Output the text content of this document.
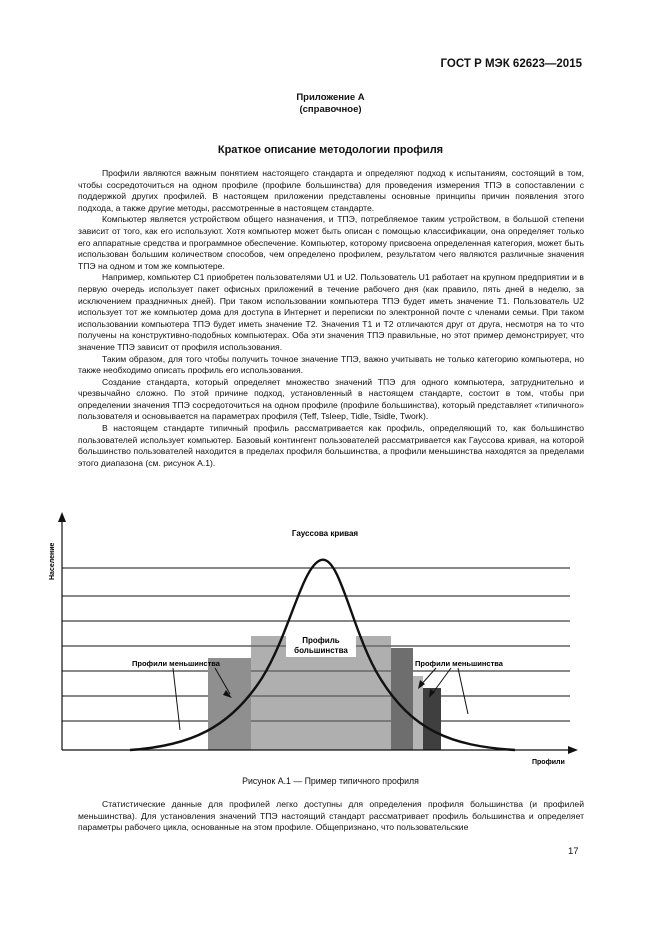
ГОСТ Р МЭК 62623—2015
Приложение А
(справочное)
Краткое описание методологии профиля

Профили являются важным понятием настоящего стандарта и определяют подход к испытаниям, состоящий в том, чтобы сосредоточиться на одном профиле (профиле большинства) для проведения измерения ТПЭ в сопоставлении с поддержкой других профилей. В настоящем приложении представлены основные принципы причин появления этого подхода, а также другие методы, рассмотренные в настоящем стандарте.

Компьютер является устройством общего назначения, и ТПЭ, потребляемое таким устройством, в большой степени зависит от того, как его используют. Хотя компьютер может быть описан с помощью классификации, она определяет только его аппаратные средства и программное обеспечение. Компьютер, которому присвоена определенная категория, может быть использован большим количеством способов, чем определено профилем, результатом чего являются различные значения ТПЭ на одном и том же компьютере.

Например, компьютер С1 приобретен пользователями U1 и U2. Пользователь U1 работает на крупном предприятии и в первую очередь использует пакет офисных приложений в течение рабочего дня (как правило, пять дней в неделю, за исключением праздничных дней). При таком использовании компьютера ТПЭ будет иметь значение Т1. Пользователь U2 использует тот же компьютер дома для доступа в Интернет и переписки по электронной почте с членами семьи. При таком использовании компьютера ТПЭ будет иметь значение Т2. Значения Т1 и Т2 отличаются друг от друга, несмотря на то что получены на конструктивно-подобных компьютерах. Оба эти значения ТПЭ правильные, но этот пример демонстрирует, что значение ТПЭ зависит от профиля использования.

Таким образом, для того чтобы получить точное значение ТПЭ, важно учитывать не только категорию компьютера, но также необходимо описать профиль его использования.

Создание стандарта, который определяет множество значений ТПЭ для одного компьютера, затруднительно и чрезвычайно сложно. По этой причине подход, установленный в настоящем стандарте, состоит в том, чтобы при определении значения ТПЭ сосредоточиться на одном профиле (профиле большинства), который представляет «типичного» пользователя и основывается на параметрах профиля (Teff, Tsleep, Tidle, Tsidle, Twork).

В настоящем стандарте типичный профиль рассматривается как профиль, определяющий то, как большинство пользователей использует компьютер. Базовый контингент пользователей рассматривается как Гауссова кривая, на которой большинство пользователей находится в пределах профиля большинства, а профили меньшинства находятся за пределами этого диапазона (см. рисунок А.1).

Гауссова кривая
Профиль
большинства
Профили меньшинства	Профили меньшинства
Профили
Население
Рисунок А.1 — Пример типичного профиля

Статистические данные для профилей легко доступны для определения профиля большинства (и профилей меньшинства). Для установления значений ТПЭ настоящий стандарт рассматривает профиль большинства и определяет параметры рабочего цикла, основанные на этом профиле. Общепризнано, что пользовательские

17
